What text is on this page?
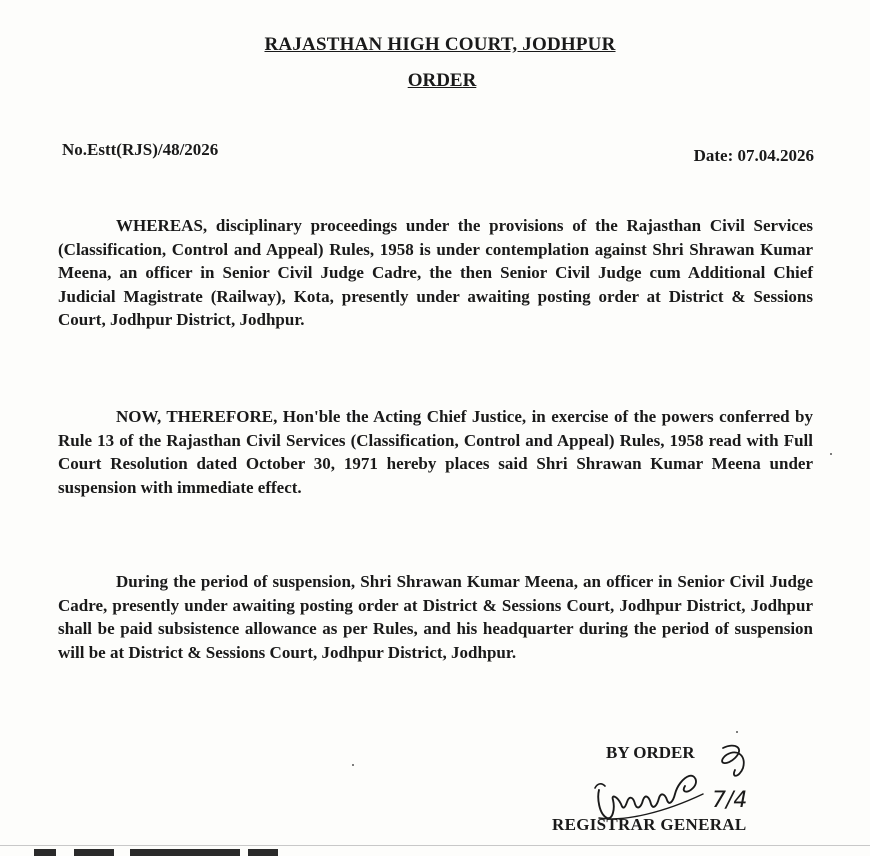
RAJASTHAN HIGH COURT, JODHPUR
ORDER
No.Estt(RJS)/48/2026	Date: 07.04.2026
WHEREAS, disciplinary proceedings under the provisions of the Rajasthan Civil Services (Classification, Control and Appeal) Rules, 1958 is under contemplation against Shri Shrawan Kumar Meena, an officer in Senior Civil Judge Cadre, the then Senior Civil Judge cum Additional Chief Judicial Magistrate (Railway), Kota, presently under awaiting posting order at District & Sessions Court, Jodhpur District, Jodhpur.
NOW, THEREFORE, Hon'ble the Acting Chief Justice, in exercise of the powers conferred by Rule 13 of the Rajasthan Civil Services (Classification, Control and Appeal) Rules, 1958 read with Full Court Resolution dated October 30, 1971 hereby places said Shri Shrawan Kumar Meena under suspension with immediate effect.
During the period of suspension, Shri Shrawan Kumar Meena, an officer in Senior Civil Judge Cadre, presently under awaiting posting order at District & Sessions Court, Jodhpur District, Jodhpur shall be paid subsistence allowance as per Rules, and his headquarter during the period of suspension will be at District & Sessions Court, Jodhpur District, Jodhpur.
BY ORDER
7/4
REGISTRAR GENERAL
